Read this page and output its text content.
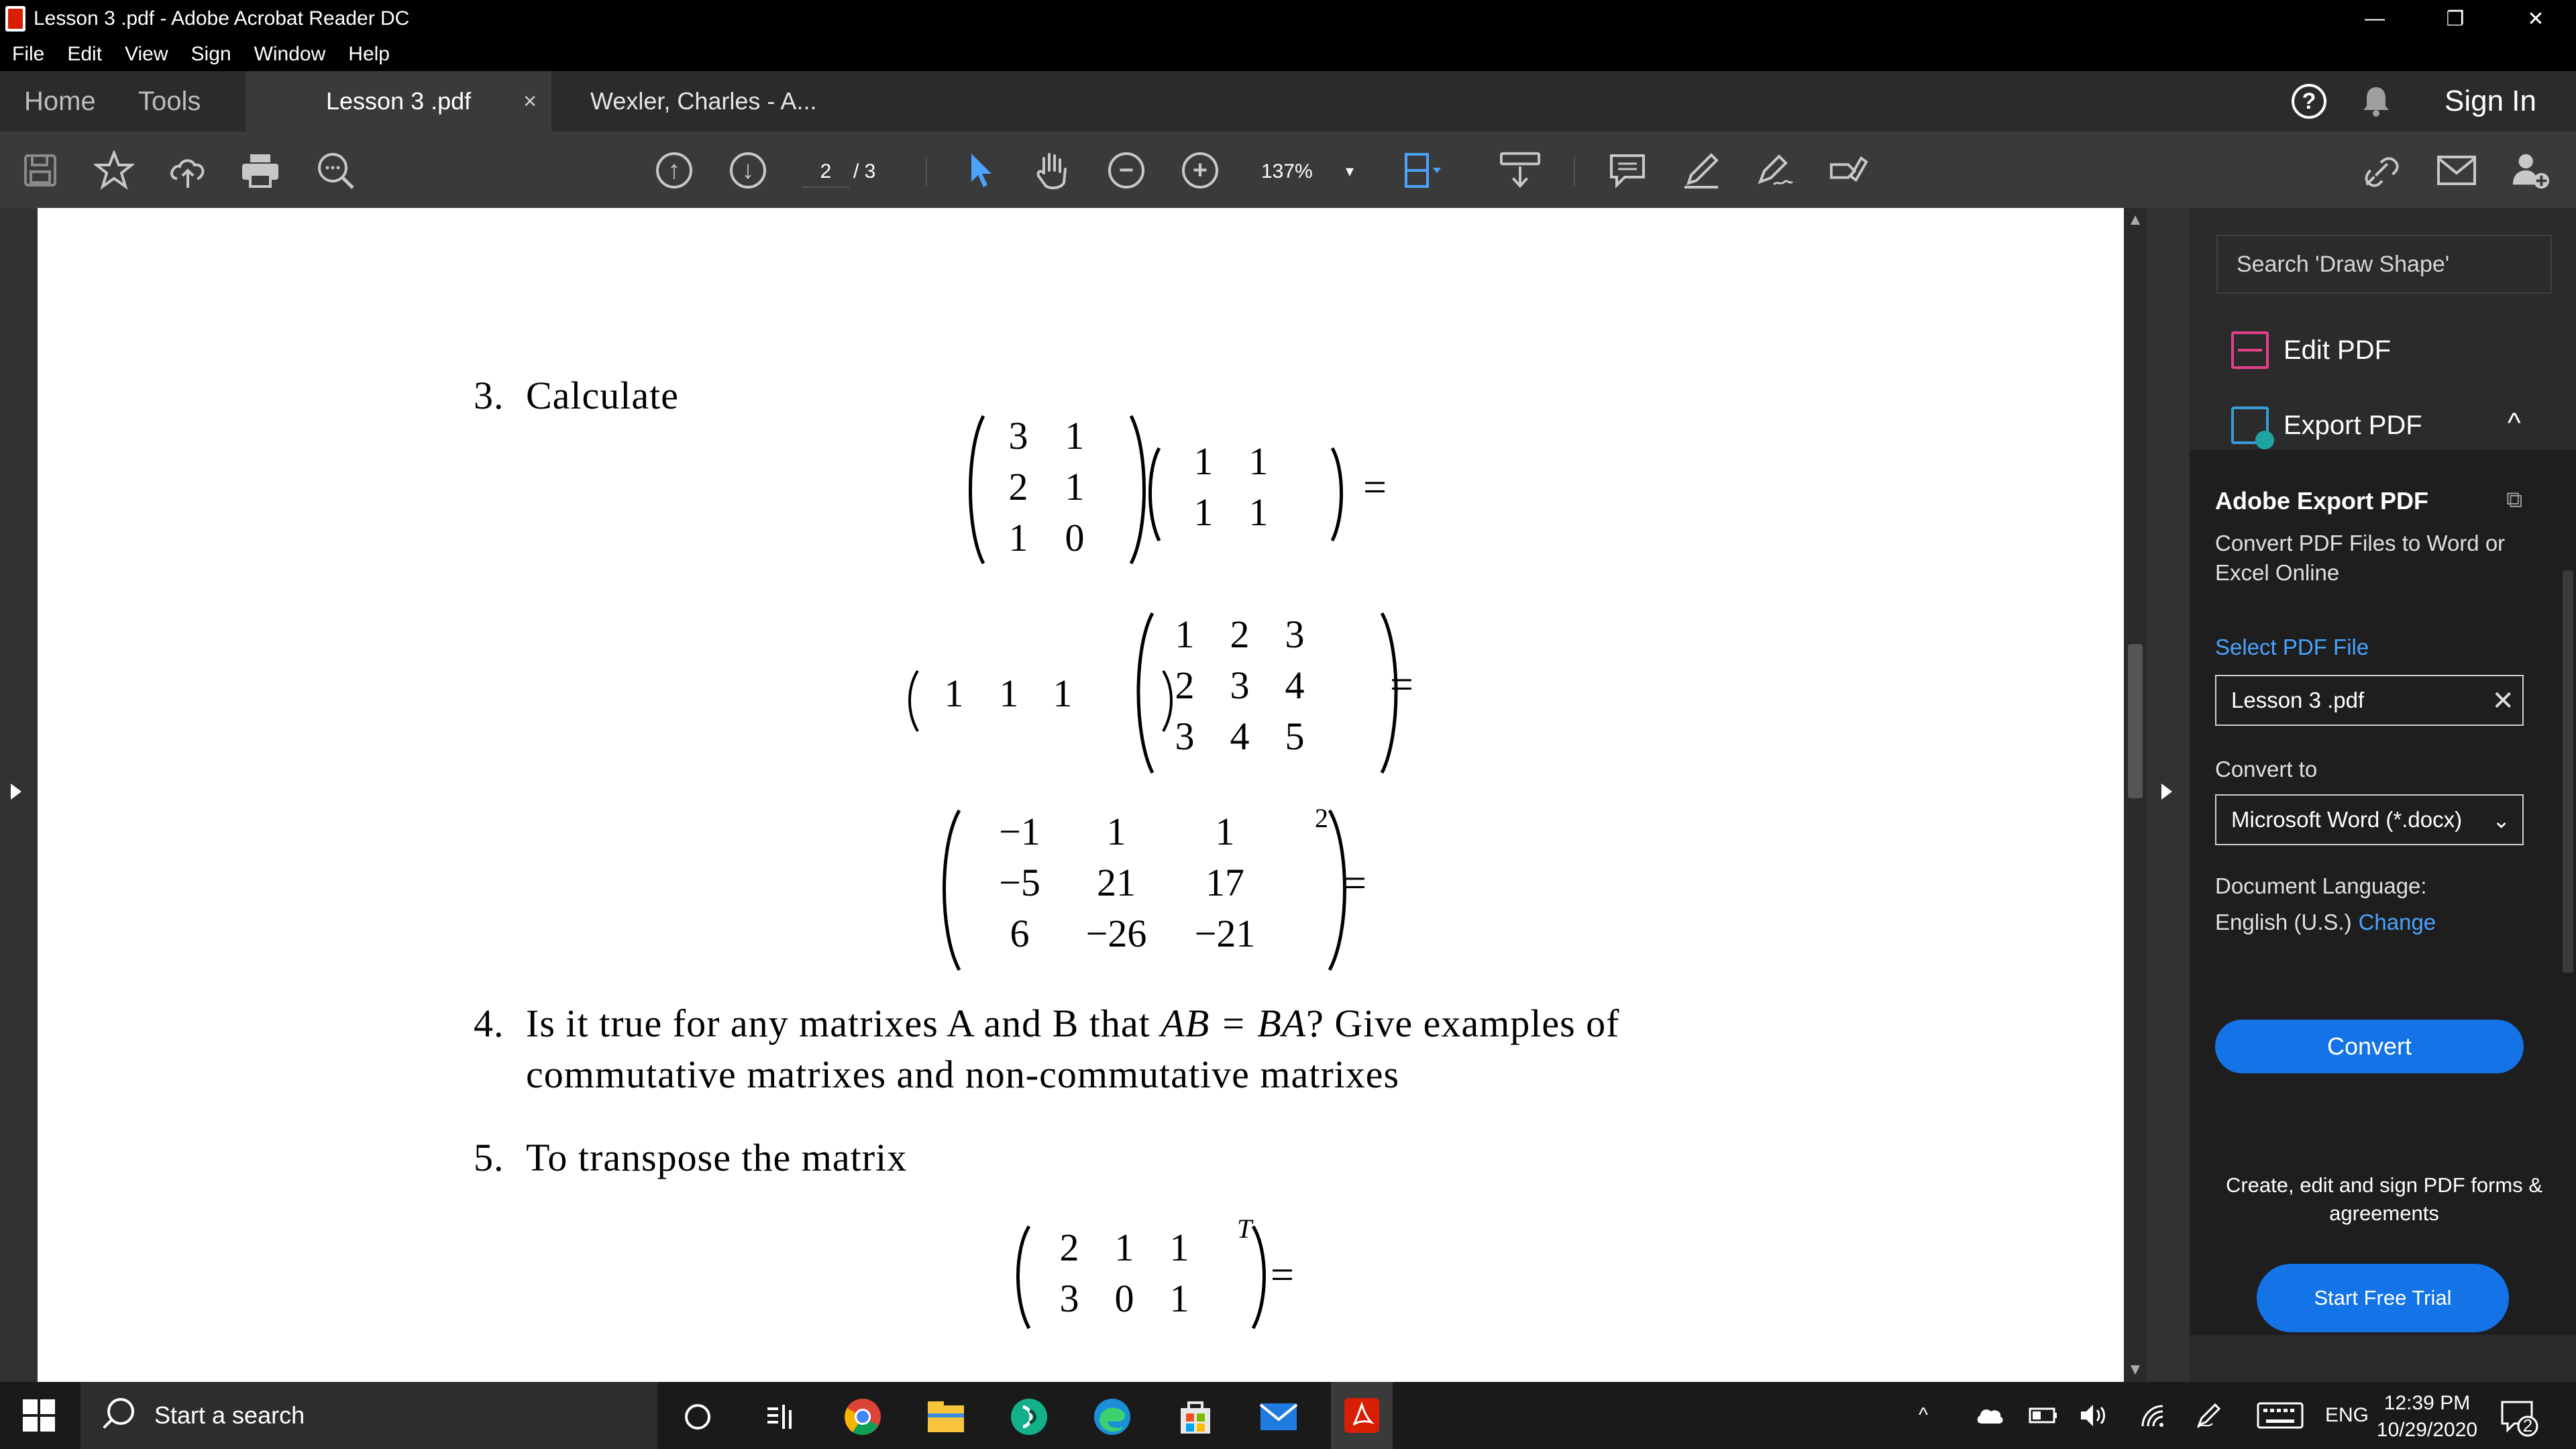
Lesson 3 .pdf - Adobe Acrobat Reader DC	—	❐	✕
File Edit View Sign Window Help
Home Tools	Lesson 3 .pdf × Wexler, Charles - A...	?	Sign In
↑	↓	2	/ 3	−	+	137%	▾
3. Calculate
3 1
2 1
1 0
1 1
1 1
=
1 1 1
1 2 3
2 3 4
3 4 5
=
−1	1	1
−5	21	17
6	−26 −21
2
=
4. Is it true for any matrixes A and B that AB = BA? Give examples of
commutative matrixes and non-commutative matrixes
5. To transpose the matrix
2 1 1
3 0 1
T
=
▲
▼
Search 'Draw Shape'
Edit PDF
Export PDF	^
Adobe Export PDF	⧉
Convert PDF Files to Word or Excel Online
Select PDF File
Lesson 3 .pdf	✕
Convert to
Microsoft Word (*.docx) ⌄
Document Language:
English (U.S.) Change
Convert
Create, edit and sign PDF forms & agreements
Start Free Trial
Start a search	^	ENG
12:39 PM
10/29/2020	2
